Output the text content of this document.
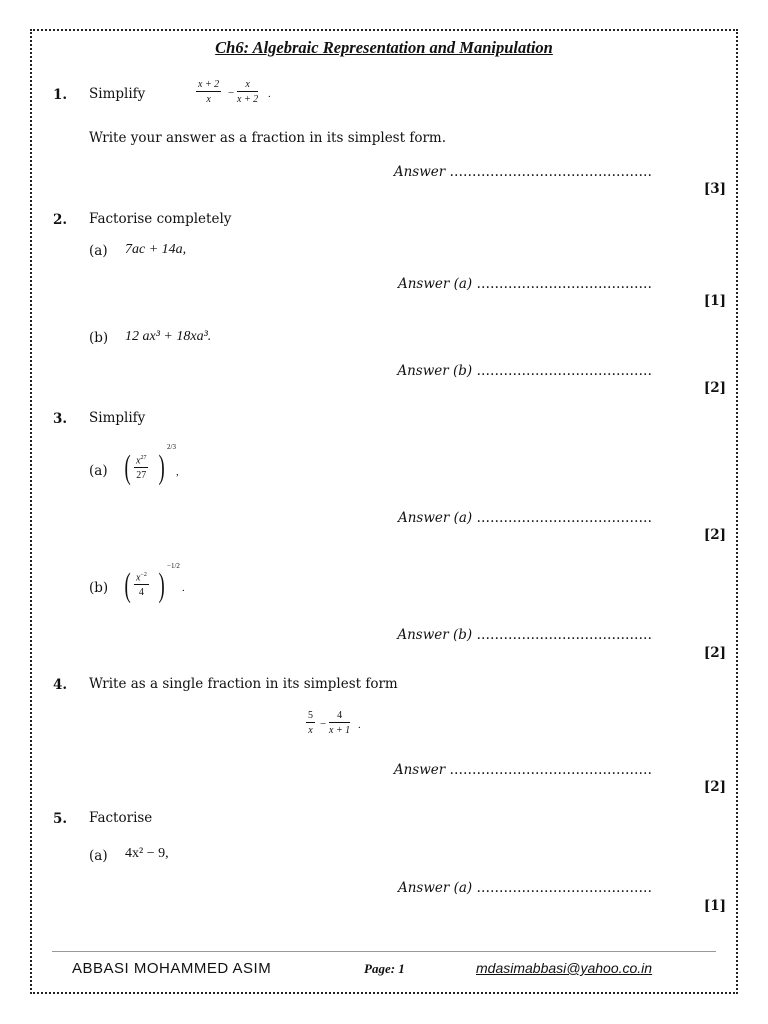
Ch6: Algebraic Representation and Manipulation
1. Simplify	$\frac{x + 2}{x} - \frac{x}{x + 2}$ .
Write your answer as a fraction in its simplest form.
Answer ………………………………………
[3]
2. Factorise completely
(a) 7ac + 14a,
Answer (a) …………………………………
[1]
(b) 12 ax³ + 18xa³.
Answer (b) …………………………………
[2]
3. Simplify
(a) ( $\frac{x^{27}}{27}$ )
2/3
,
Answer (a) …………………………………
[2]
(b) ( $\frac{x^{-2}}{4}$ )
−1/2
.
Answer (b) …………………………………
[2]
4. Write as a single fraction in its simplest form
$\frac{5}{x} - \frac{4}{x + 1}$ .
Answer ………………………………………
[2]
5. Factorise
(a) 4x² − 9,
Answer (a) …………………………………
[1]
ABBASI MOHAMMED ASIM	Page: 1	mdasimabbasi@yahoo.co.in
